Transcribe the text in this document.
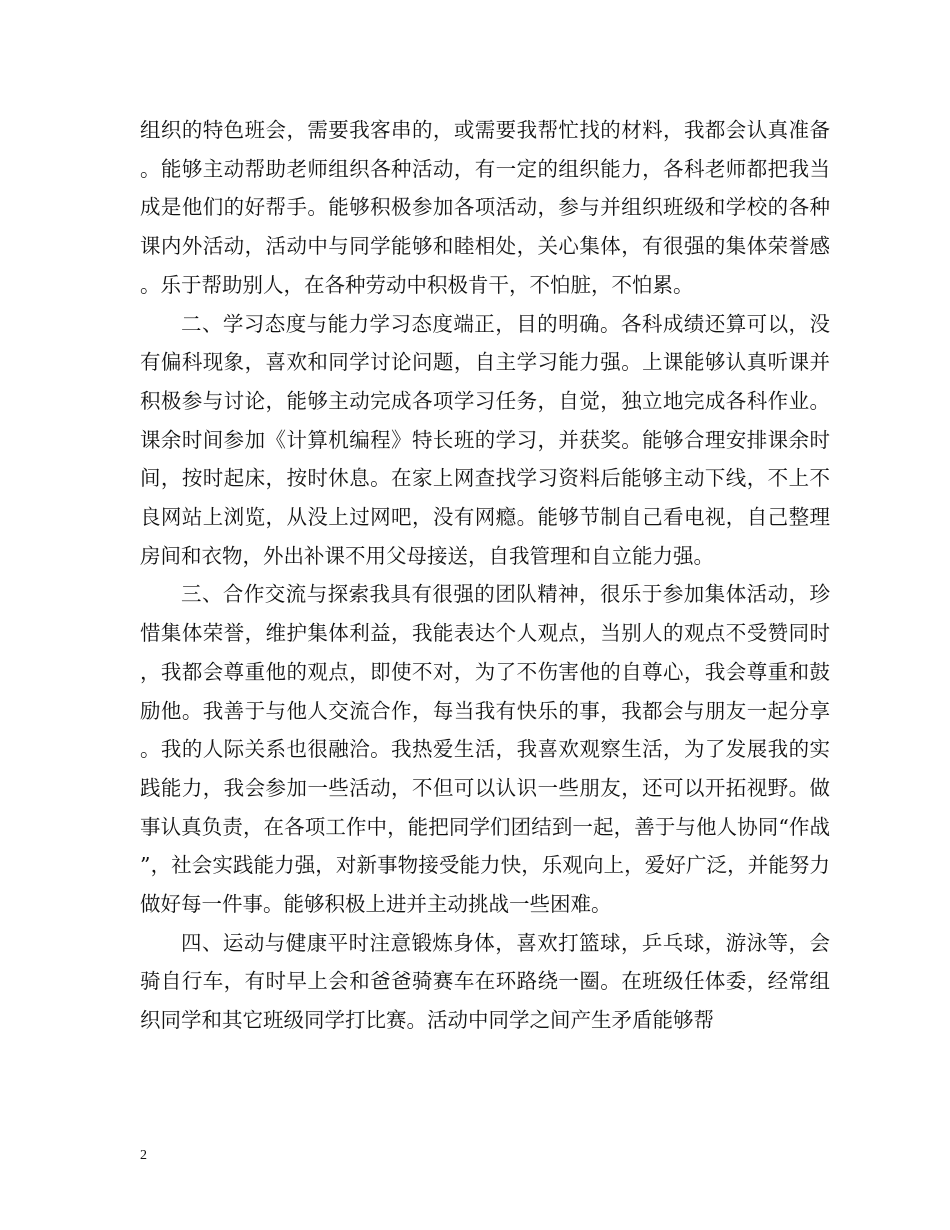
组织的特色班会，需要我客串的，或需要我帮忙找的材料，我都会认真准备。能够主动帮助老师组织各种活动，有一定的组织能力，各科老师都把我当成是他们的好帮手。能够积极参加各项活动，参与并组织班级和学校的各种课内外活动，活动中与同学能够和睦相处，关心集体，有很强的集体荣誉感。乐于帮助别人，在各种劳动中积极肯干，不怕脏，不怕累。

二、学习态度与能力学习态度端正，目的明确。各科成绩还算可以，没有偏科现象，喜欢和同学讨论问题，自主学习能力强。上课能够认真听课并积极参与讨论，能够主动完成各项学习任务，自觉，独立地完成各科作业。课余时间参加《计算机编程》特长班的学习，并获奖。能够合理安排课余时间，按时起床，按时休息。在家上网查找学习资料后能够主动下线，不上不良网站上浏览，从没上过网吧，没有网瘾。能够节制自己看电视，自己整理房间和衣物，外出补课不用父母接送，自我管理和自立能力强。

三、合作交流与探索我具有很强的团队精神，很乐于参加集体活动，珍惜集体荣誉，维护集体利益，我能表达个人观点，当别人的观点不受赞同时，我都会尊重他的观点，即使不对，为了不伤害他的自尊心，我会尊重和鼓励他。我善于与他人交流合作，每当我有快乐的事，我都会与朋友一起分享。我的人际关系也很融洽。我热爱生活，我喜欢观察生活，为了发展我的实践能力，我会参加一些活动，不但可以认识一些朋友，还可以开拓视野。做事认真负责，在各项工作中，能把同学们团结到一起，善于与他人协同“作战”，社会实践能力强，对新事物接受能力快，乐观向上，爱好广泛，并能努力做好每一件事。能够积极上进并主动挑战一些困难。

四、运动与健康平时注意锻炼身体，喜欢打篮球，乒乓球，游泳等，会骑自行车，有时早上会和爸爸骑赛车在环路绕一圈。在班级任体委，经常组织同学和其它班级同学打比赛。活动中同学之间产生矛盾能够帮

2
